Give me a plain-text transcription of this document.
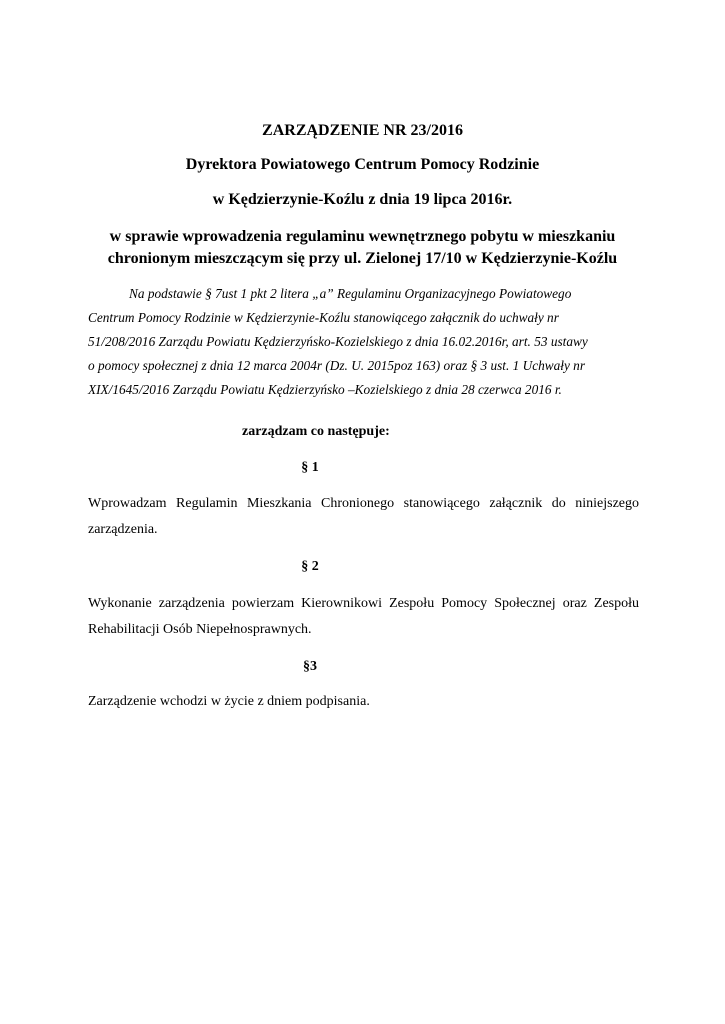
ZARZĄDZENIE NR 23/2016
Dyrektora Powiatowego Centrum Pomocy Rodzinie
w Kędzierzynie-Koźlu z dnia 19 lipca 2016r.
w sprawie wprowadzenia regulaminu wewnętrznego pobytu w mieszkaniu
chronionym mieszczącym się przy ul. Zielonej 17/10 w Kędzierzynie-Koźlu
Na podstawie § 7ust 1 pkt 2 litera „a” Regulaminu Organizacyjnego Powiatowego
Centrum Pomocy Rodzinie w Kędzierzynie-Koźlu stanowiącego załącznik do uchwały nr
51/208/2016 Zarządu Powiatu Kędzierzyńsko-Kozielskiego z dnia 16.02.2016r, art. 53 ustawy
o pomocy społecznej z dnia 12 marca 2004r (Dz. U. 2015poz 163) oraz § 3 ust. 1 Uchwały nr
XIX/1645/2016 Zarządu Powiatu Kędzierzyńsko –Kozielskiego z dnia 28 czerwca 2016 r.
zarządzam co następuje:
§ 1
Wprowadzam Regulamin Mieszkania Chronionego stanowiącego załącznik do niniejszego
zarządzenia.
§ 2
Wykonanie zarządzenia powierzam Kierownikowi Zespołu Pomocy Społecznej oraz Zespołu
Rehabilitacji Osób Niepełnosprawnych.
§3
Zarządzenie wchodzi w życie z dniem podpisania.
